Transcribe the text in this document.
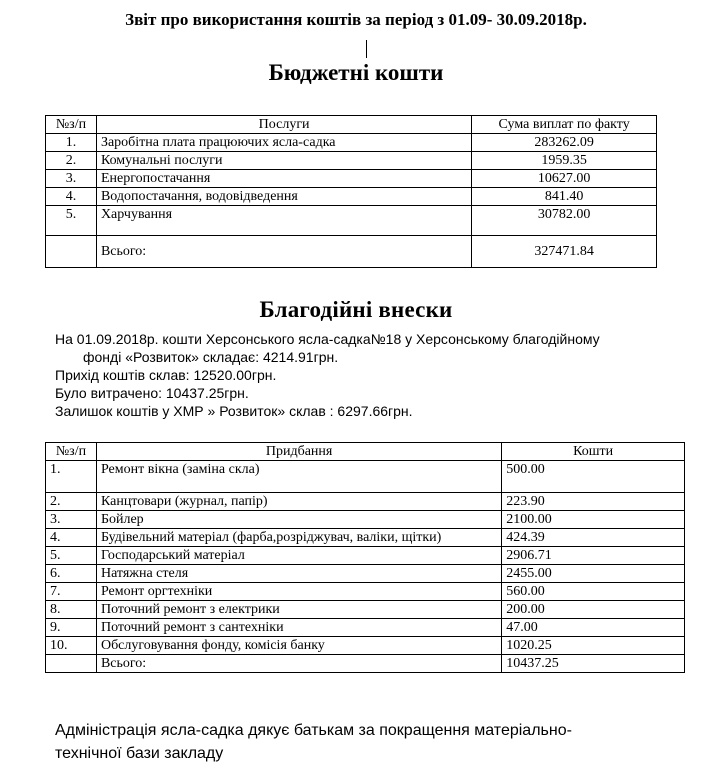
Звіт про використання коштів за період з 01.09- 30.09.2018р.
Бюджетні кошти
№з/п	Послуги	Сума виплат по факту
1.	Заробітна плата працюючих ясла-садка	283262.09
2.	Комунальні послуги	1959.35
3.	Енергопостачання	10627.00
4.	Водопостачання, водовідведення	841.40
5.	Харчування	30782.00
	Всього:	327471.84
Благодійні внески
На 01.09.2018р. кошти Херсонського ясла-садка№18 у Херсонському благодійному
фонді «Розвиток» складає: 4214.91грн.
Прихід коштів склав: 12520.00грн.
Було витрачено: 10437.25грн.
Залишок коштів у ХМР » Розвиток» склав : 6297.66грн.
№з/п	Придбання	Кошти
1.	Ремонт вікна (заміна скла)	500.00
2.	Канцтовари (журнал, папір)	223.90
3.	Бойлер	2100.00
4.	Будівельний матеріал (фарба,розріджувач, валіки, щітки)	424.39
5.	Господарський матеріал	2906.71
6.	Натяжна стеля	2455.00
7.	Ремонт оргтехніки	560.00
8.	Поточний ремонт з електрики	200.00
9.	Поточний ремонт з сантехніки	47.00
10.	Обслуговування фонду, комісія банку	1020.25
	Всього:	10437.25
Адміністрація ясла-садка дякує батькам за покращення матеріально-
технічної бази закладу
